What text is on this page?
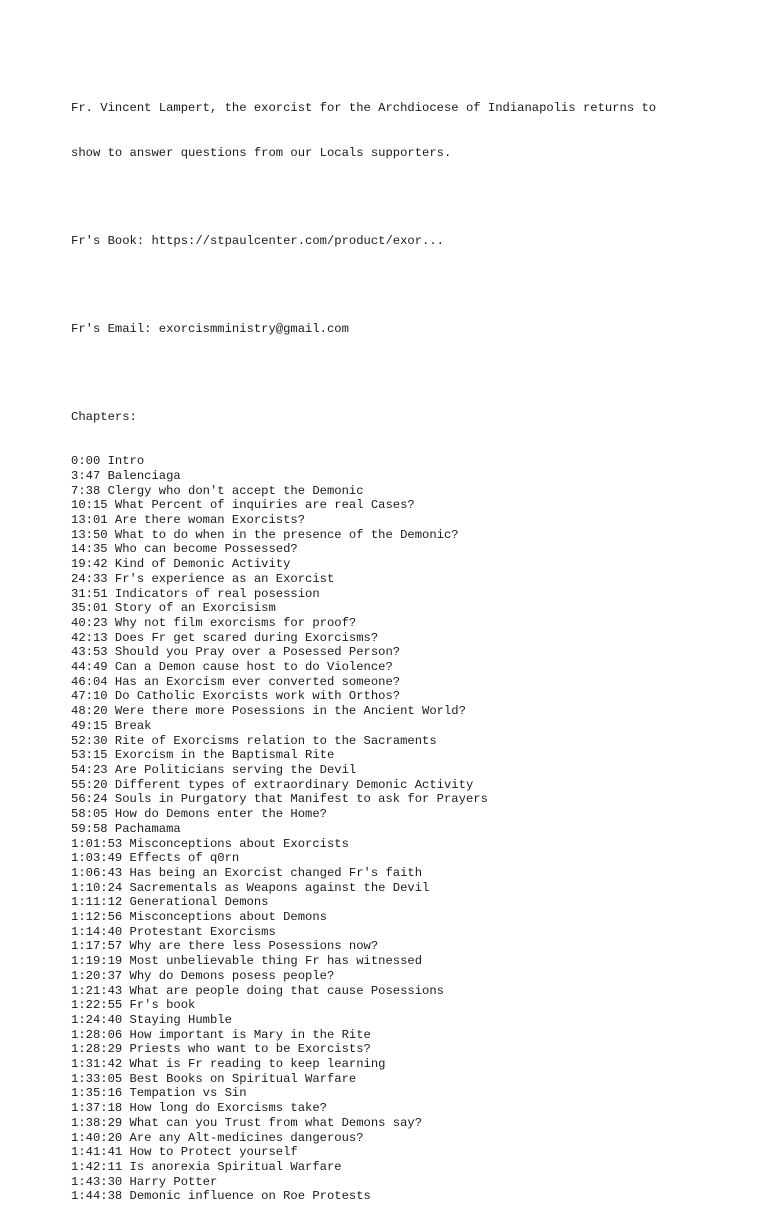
Fr. Vincent Lampert, the exorcist for the Archdiocese of Indianapolis returns to

show to answer questions from our Locals supporters.

Fr's Book: https://stpaulcenter.com/product/exor...

Fr's Email: exorcismministry@gmail.com

Chapters:

0:00 Intro
3:47 Balenciaga
7:38 Clergy who don't accept the Demonic
10:15 What Percent of inquiries are real Cases?
13:01 Are there woman Exorcists?
13:50 What to do when in the presence of the Demonic?
14:35 Who can become Possessed?
19:42 Kind of Demonic Activity
24:33 Fr's experience as an Exorcist
31:51 Indicators of real posession
35:01 Story of an Exorcisism
40:23 Why not film exorcisms for proof?
42:13 Does Fr get scared during Exorcisms?
43:53 Should you Pray over a Posessed Person?
44:49 Can a Demon cause host to do Violence?
46:04 Has an Exorcism ever converted someone?
47:10 Do Catholic Exorcists work with Orthos?
48:20 Were there more Posessions in the Ancient World?
49:15 Break
52:30 Rite of Exorcisms relation to the Sacraments
53:15 Exorcism in the Baptismal Rite
54:23 Are Politicians serving the Devil
55:20 Different types of extraordinary Demonic Activity
56:24 Souls in Purgatory that Manifest to ask for Prayers
58:05 How do Demons enter the Home?
59:58 Pachamama
1:01:53 Misconceptions about Exorcists
1:03:49 Effects of q0rn
1:06:43 Has being an Exorcist changed Fr's faith
1:10:24 Sacrementals as Weapons against the Devil
1:11:12 Generational Demons
1:12:56 Misconceptions about Demons
1:14:40 Protestant Exorcisms
1:17:57 Why are there less Posessions now?
1:19:19 Most unbelievable thing Fr has witnessed
1:20:37 Why do Demons posess people?
1:21:43 What are people doing that cause Posessions
1:22:55 Fr's book
1:24:40 Staying Humble
1:28:06 How important is Mary in the Rite
1:28:29 Priests who want to be Exorcists?
1:31:42 What is Fr reading to keep learning
1:33:05 Best Books on Spiritual Warfare
1:35:16 Tempation vs Sin
1:37:18 How long do Exorcisms take?
1:38:29 What can you Trust from what Demons say?
1:40:20 Are any Alt-medicines dangerous?
1:41:41 How to Protect yourself
1:42:11 Is anorexia Spiritual Warfare
1:43:30 Harry Potter
1:44:38 Demonic influence on Roe Protests
